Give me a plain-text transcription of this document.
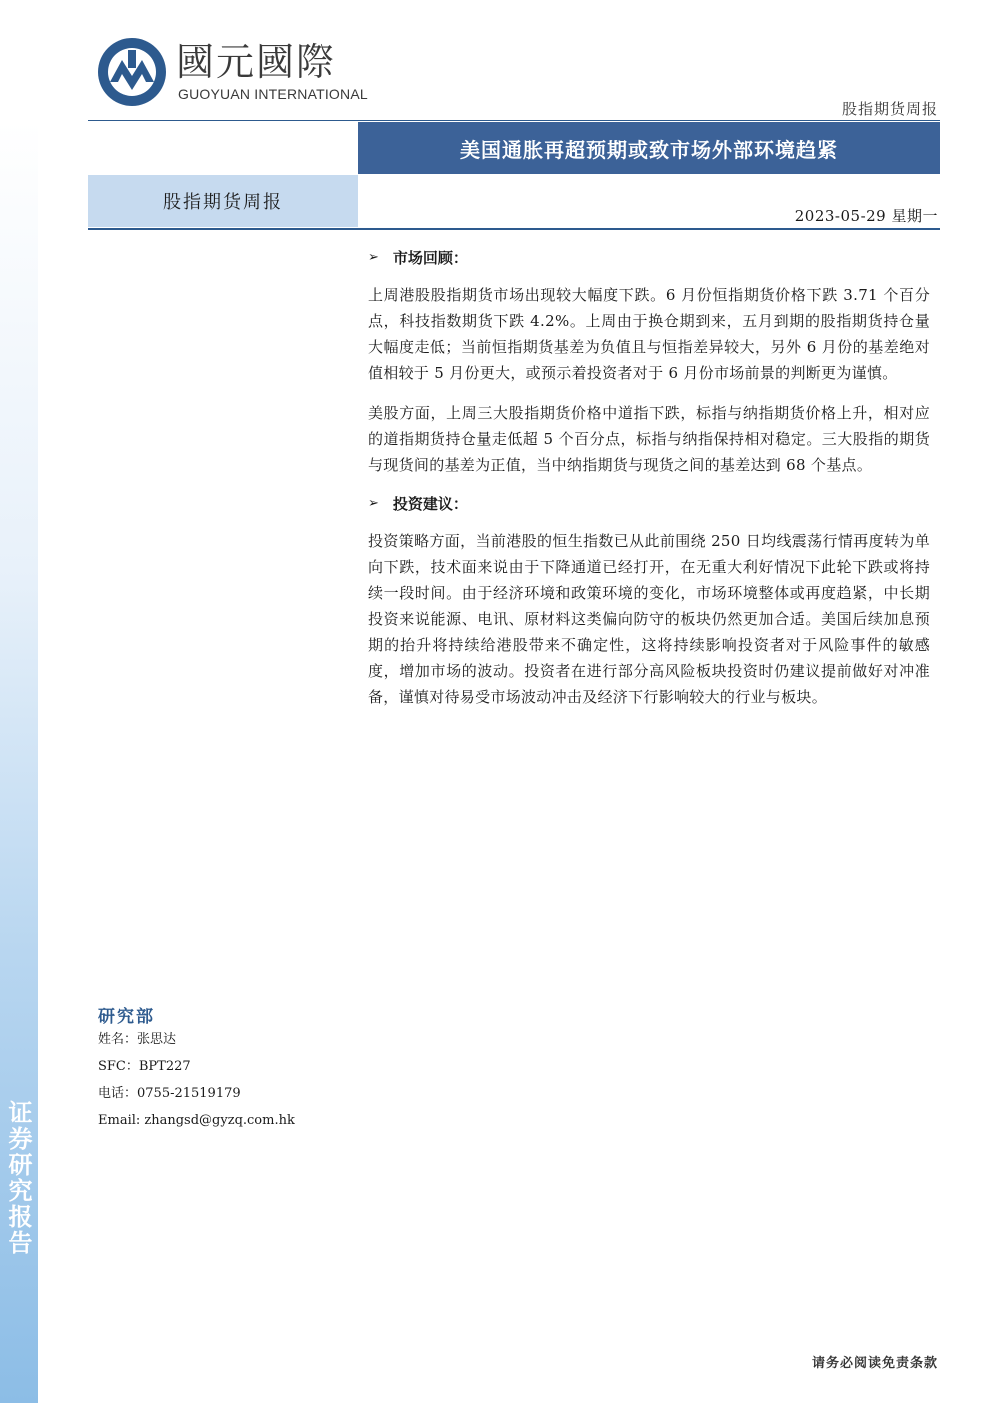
证券研究报告
國元國際
GUOYUAN INTERNATIONAL
股指期货周报
美国通胀再超预期或致市场外部环境趋紧
股指期货周报
2023-05-29 星期一
➢ 市场回顾：

上周港股股指期货市场出现较大幅度下跌。6 月份恒指期货价格下跌 3.71 个百分点，科技指数期货下跌 4.2%。上周由于换仓期到来，五月到期的股指期货持仓量大幅度走低；当前恒指期货基差为负值且与恒指差异较大，另外 6 月份的基差绝对值相较于 5 月份更大，或预示着投资者对于 6 月份市场前景的判断更为谨慎。

美股方面，上周三大股指期货价格中道指下跌，标指与纳指期货价格上升，相对应的道指期货持仓量走低超 5 个百分点，标指与纳指保持相对稳定。三大股指的期货与现货间的基差为正值，当中纳指期货与现货之间的基差达到 68 个基点。

➢ 投资建议：

投资策略方面，当前港股的恒生指数已从此前围绕 250 日均线震荡行情再度转为单向下跌，技术面来说由于下降通道已经打开，在无重大利好情况下此轮下跌或将持续一段时间。由于经济环境和政策环境的变化，市场环境整体或再度趋紧，中长期投资来说能源、电讯、原材料这类偏向防守的板块仍然更加合适。美国后续加息预期的抬升将持续给港股带来不确定性，这将持续影响投资者对于风险事件的敏感度，增加市场的波动。投资者在进行部分高风险板块投资时仍建议提前做好对冲准备，谨慎对待易受市场波动冲击及经济下行影响较大的行业与板块。

研究部
姓名：张思达
SFC：BPT227
电话：0755-21519179
Email: zhangsd@gyzq.com.hk
请务必阅读免责条款
